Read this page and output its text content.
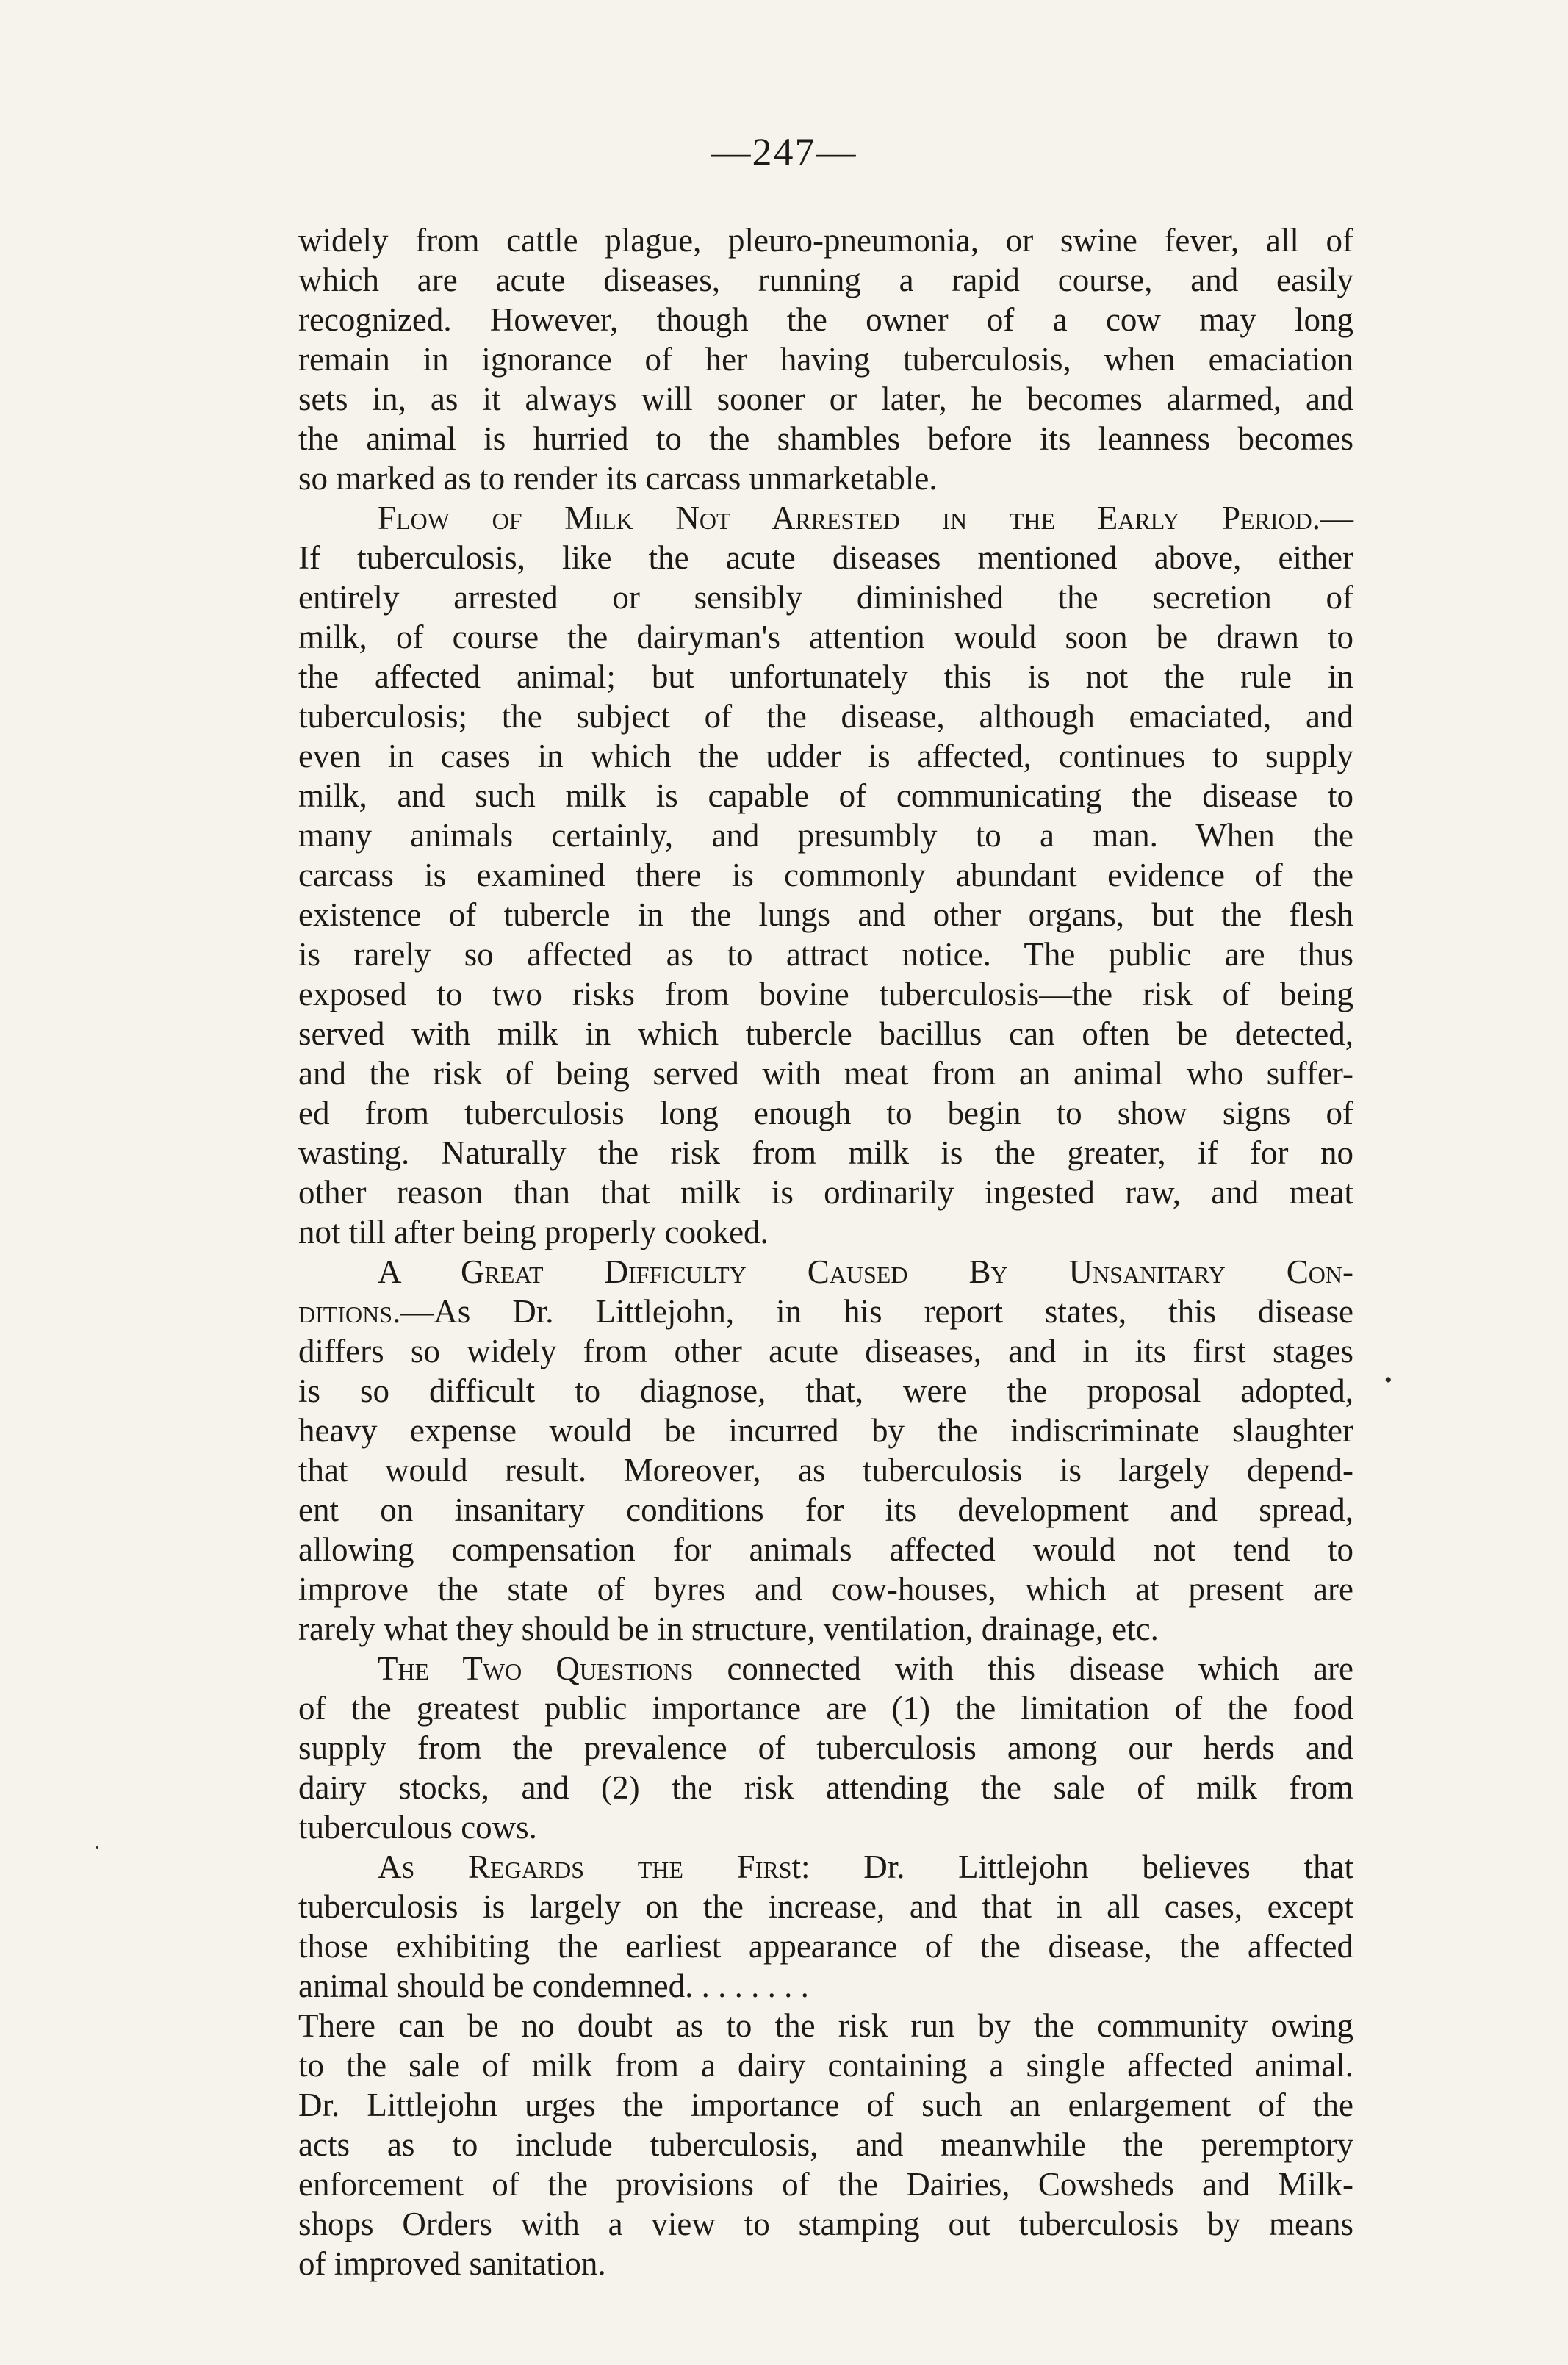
—247—
widely from cattle plague, pleuro-pneumonia, or swine fever, all of
which are acute diseases, running a rapid course, and easily
recognized. However, though the owner of a cow may long
remain in ignorance of her having tuberculosis, when emaciation
sets in, as it always will sooner or later, he becomes alarmed, and
the animal is hurried to the shambles before its leanness becomes
so marked as to render its carcass unmarketable.
Flow of Milk Not Arrested in the Early Period.—
If tuberculosis, like the acute diseases mentioned above, either
entirely arrested or sensibly diminished the secretion of
milk, of course the dairyman's attention would soon be drawn to
the affected animal; but unfortunately this is not the rule in
tuberculosis; the subject of the disease, although emaciated, and
even in cases in which the udder is affected, continues to supply
milk, and such milk is capable of communicating the disease to
many animals certainly, and presumbly to a man. When the
carcass is examined there is commonly abundant evidence of the
existence of tubercle in the lungs and other organs, but the flesh
is rarely so affected as to attract notice. The public are thus
exposed to two risks from bovine tuberculosis—the risk of being
served with milk in which tubercle bacillus can often be detected,
and the risk of being served with meat from an animal who suffer-
ed from tuberculosis long enough to begin to show signs of
wasting. Naturally the risk from milk is the greater, if for no
other reason than that milk is ordinarily ingested raw, and meat
not till after being properly cooked.
A Great Difficulty Caused By Unsanitary Con-
ditions.—As Dr. Littlejohn, in his report states, this disease
differs so widely from other acute diseases, and in its first stages
is so difficult to diagnose, that, were the proposal adopted,
heavy expense would be incurred by the indiscriminate slaughter
that would result. Moreover, as tuberculosis is largely depend-
ent on insanitary conditions for its development and spread,
allowing compensation for animals affected would not tend to
improve the state of byres and cow-houses, which at present are
rarely what they should be in structure, ventilation, drainage, etc.
The Two Questions connected with this disease which are
of the greatest public importance are (1) the limitation of the food
supply from the prevalence of tuberculosis among our herds and
dairy stocks, and (2) the risk attending the sale of milk from
tuberculous cows.
As Regards the First: Dr. Littlejohn believes that
tuberculosis is largely on the increase, and that in all cases, except
those exhibiting the earliest appearance of the disease, the affected
animal should be condemned. . . . . . . .
There can be no doubt as to the risk run by the community owing
to the sale of milk from a dairy containing a single affected animal.
Dr. Littlejohn urges the importance of such an enlargement of the
acts as to include tuberculosis, and meanwhile the peremptory
enforcement of the provisions of the Dairies, Cowsheds and Milk-
shops Orders with a view to stamping out tuberculosis by means
of improved sanitation.
•
·
